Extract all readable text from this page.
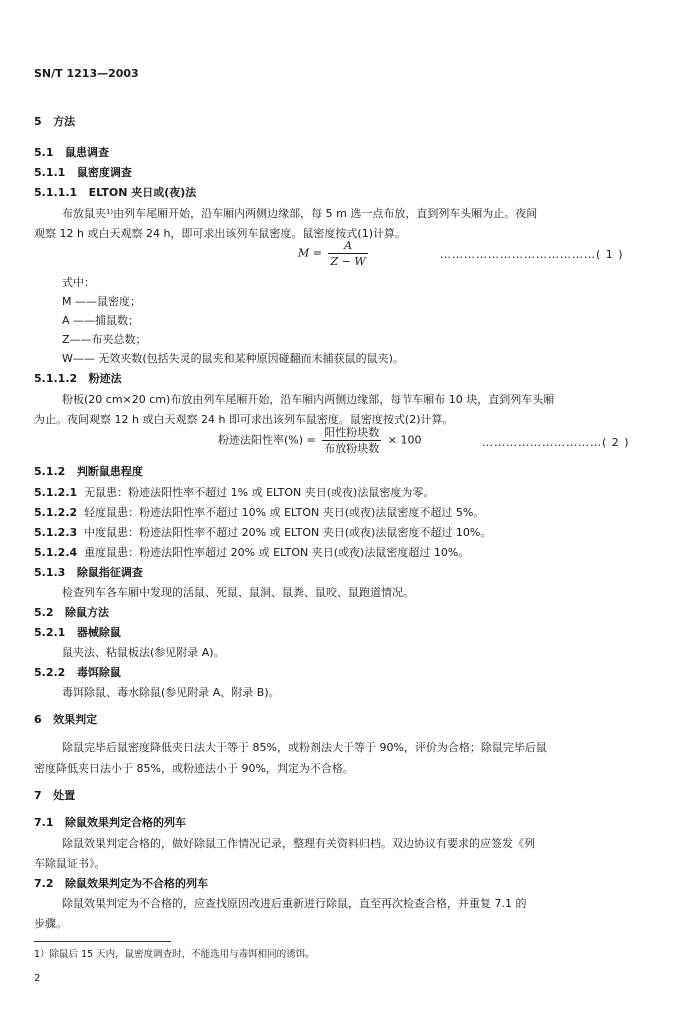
SN/T 1213—2003
5 方法
5.1 鼠患调查
5.1.1 鼠密度调查
5.1.1.1 ELTON 夹日或(夜)法
布放鼠夹¹⁾由列车尾厢开始，沿车厢内两侧边缘部，每 5 m 选一点布放，直到列车头厢为止。夜间
观察 12 h 或白天观察 24 h，即可求出该列车鼠密度。鼠密度按式(1)计算。
$M = \frac{A}{Z - W}$	…………………………………( 1 )
式中：
M ——鼠密度；
A ——捕鼠数；
Z——布夹总数；
W—— 无效夹数(包括失灵的鼠夹和某种原因碰翻而未捕获鼠的鼠夹)。
5.1.1.2 粉迹法
粉板(20 cm×20 cm)布放由列车尾厢开始，沿车厢内两侧边缘部，每节车厢布 10 块，直到列车头厢
为止。夜间观察 12 h 或白天观察 24 h 即可求出该列车鼠密度。鼠密度按式(2)计算。
粉迹法阳性率(%) = $\frac{\text{阳性粉块数}}{\text{布放粉块数}} \times 100$	…………………………( 2 )
5.1.2 判断鼠患程度
5.1.2.1 无鼠患：粉迹法阳性率不超过 1% 或 ELTON 夹日(或夜)法鼠密度为零。
5.1.2.2 轻度鼠患：粉迹法阳性率不超过 10% 或 ELTON 夹日(或夜)法鼠密度不超过 5%。
5.1.2.3 中度鼠患：粉迹法阳性率不超过 20% 或 ELTON 夹日(或夜)法鼠密度不超过 10%。
5.1.2.4 重度鼠患：粉迹法阳性率超过 20% 或 ELTON 夹日(或夜)法鼠密度超过 10%。
5.1.3 除鼠指征调查
检查列车各车厢中发现的活鼠、死鼠、鼠洞、鼠粪、鼠咬、鼠跑道情况。
5.2 除鼠方法
5.2.1 器械除鼠
鼠夹法、粘鼠板法(参见附录 A)。
5.2.2 毒饵除鼠
毒饵除鼠、毒水除鼠(参见附录 A、附录 B)。
6 效果判定
除鼠完毕后鼠密度降低夹日法大于等于 85%，或粉剂法大于等于 90%，评价为合格；除鼠完毕后鼠
密度降低夹日法小于 85%，或粉迹法小于 90%，判定为不合格。
7 处置
7.1 除鼠效果判定合格的列车
除鼠效果判定合格的，做好除鼠工作情况记录，整理有关资料归档。双边协议有要求的应签发《列
车除鼠证书》。
7.2 除鼠效果判定为不合格的列车
除鼠效果判定为不合格的，应查找原因改进后重新进行除鼠，直至再次检查合格，并重复 7.1 的
步骤。
1）除鼠后 15 天内，鼠密度调查时，不能选用与毒饵相同的诱饵。
2
